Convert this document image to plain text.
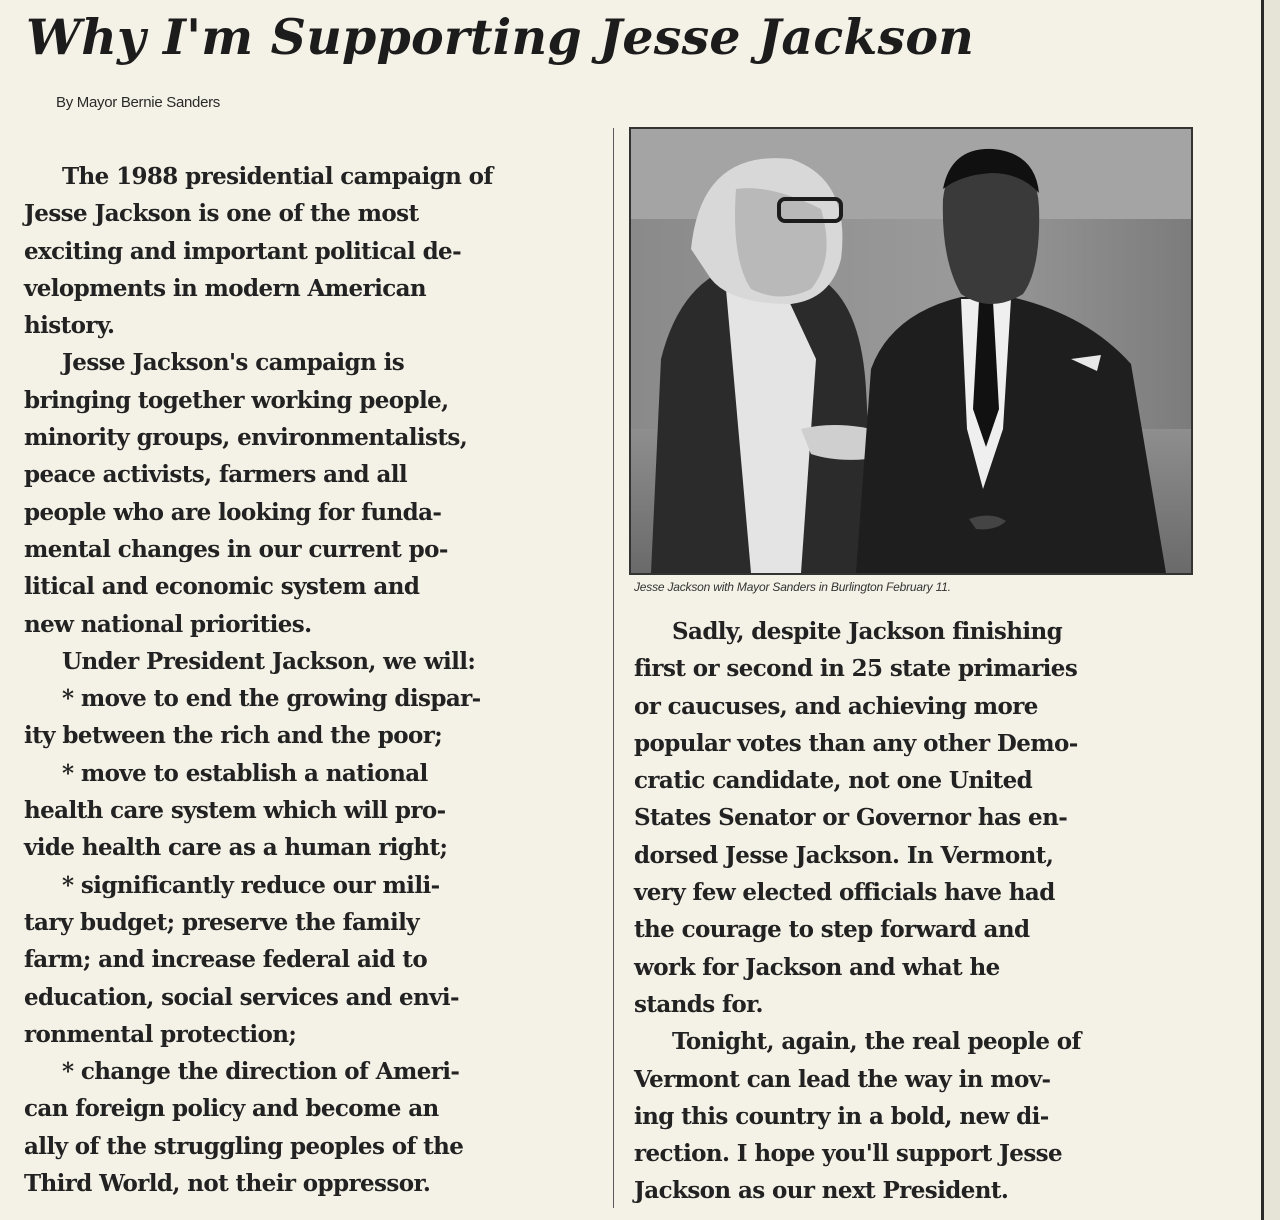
Why I'm Supporting Jesse Jackson
By Mayor Bernie Sanders
The 1988 presidential campaign of
Jesse Jackson is one of the most
exciting and important political de-
velopments in modern American
history.
Jesse Jackson's campaign is
bringing together working people,
minority groups, environmentalists,
peace activists, farmers and all
people who are looking for funda-
mental changes in our current po-
litical and economic system and
new national priorities.
Under President Jackson, we will:
* move to end the growing dispar-
ity between the rich and the poor;
* move to establish a national
health care system which will pro-
vide health care as a human right;
* significantly reduce our mili-
tary budget; preserve the family
farm; and increase federal aid to
education, social services and envi-
ronmental protection;
* change the direction of Ameri-
can foreign policy and become an
ally of the struggling peoples of the
Third World, not their oppressor.
Jesse Jackson with Mayor Sanders in Burlington February 11.
Sadly, despite Jackson finishing
first or second in 25 state primaries
or caucuses, and achieving more
popular votes than any other Demo-
cratic candidate, not one United
States Senator or Governor has en-
dorsed Jesse Jackson. In Vermont,
very few elected officials have had
the courage to step forward and
work for Jackson and what he
stands for.
Tonight, again, the real people of
Vermont can lead the way in mov-
ing this country in a bold, new di-
rection. I hope you'll support Jesse
Jackson as our next President.
